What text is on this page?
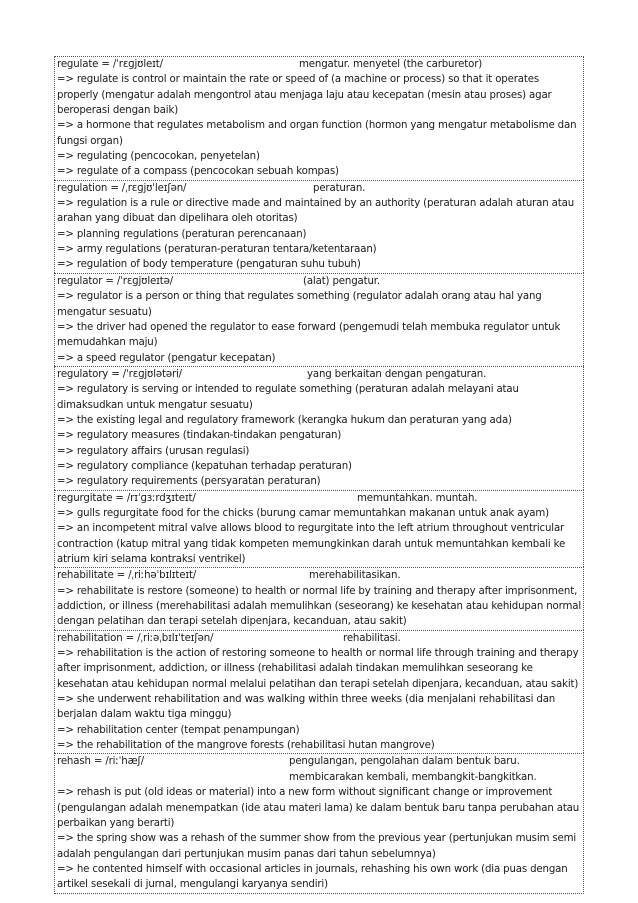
regulate = /ˈrɛɡjʊleɪt/	mengatur. menyetel (the carburetor)
=> regulate is control or maintain the rate or speed of (a machine or process) so that it operates properly (mengatur adalah mengontrol atau menjaga laju atau kecepatan (mesin atau proses) agar beroperasi dengan baik)
=> a hormone that regulates metabolism and organ function (hormon yang mengatur metabolisme dan fungsi organ)
=> regulating (pencocokan, penyetelan)
=> regulate of a compass (pencocokan sebuah kompas)
regulation = /ˌrɛɡjʊˈleɪʃən/	peraturan.
=> regulation is a rule or directive made and maintained by an authority (peraturan adalah aturan atau arahan yang dibuat dan dipelihara oleh otoritas)
=> planning regulations (peraturan perencanaan)
=> army regulations (peraturan-peraturan tentara/ketentaraan)
=> regulation of body temperature (pengaturan suhu tubuh)
regulator = /ˈrɛɡjʊleɪtə/	(alat) pengatur.
=> regulator is a person or thing that regulates something (regulator adalah orang atau hal yang mengatur sesuatu)
=> the driver had opened the regulator to ease forward (pengemudi telah membuka regulator untuk memudahkan maju)
=> a speed regulator (pengatur kecepatan)
regulatory = /ˈrɛɡjʊlətəri/	yang berkaitan dengan pengaturan.
=> regulatory is serving or intended to regulate something (peraturan adalah melayani atau dimaksudkan untuk mengatur sesuatu)
=> the existing legal and regulatory framework (kerangka hukum dan peraturan yang ada)
=> regulatory measures (tindakan-tindakan pengaturan)
=> regulatory affairs (urusan regulasi)
=> regulatory compliance (kepatuhan terhadap peraturan)
=> regulatory requirements (persyaratan peraturan)
regurgitate = /rɪˈɡɜːrdʒɪteɪt/	memuntahkan. muntah.
=> gulls regurgitate food for the chicks (burung camar memuntahkan makanan untuk anak ayam)
=> an incompetent mitral valve allows blood to regurgitate into the left atrium throughout ventricular contraction (katup mitral yang tidak kompeten memungkinkan darah untuk memuntahkan kembali ke atrium kiri selama kontraksi ventrikel)
rehabilitate = /ˌriːhəˈbɪlɪteɪt/	merehabilitasikan.
=> rehabilitate is restore (someone) to health or normal life by training and therapy after imprisonment, addiction, or illness (merehabilitasi adalah memulihkan (seseorang) ke kesehatan atau kehidupan normal dengan pelatihan dan terapi setelah dipenjara, kecanduan, atau sakit)
rehabilitation = /ˌriːəˌbɪlɪˈteɪʃən/	rehabilitasi.
=> rehabilitation is the action of restoring someone to health or normal life through training and therapy after imprisonment, addiction, or illness (rehabilitasi adalah tindakan memulihkan seseorang ke kesehatan atau kehidupan normal melalui pelatihan dan terapi setelah dipenjara, kecanduan, atau sakit)
=> she underwent rehabilitation and was walking within three weeks (dia menjalani rehabilitasi dan berjalan dalam waktu tiga minggu)
=> rehabilitation center (tempat penampungan)
=> the rehabilitation of the mangrove forests (rehabilitasi hutan mangrove)
rehash = /riːˈhæʃ/	pengulangan, pengolahan dalam bentuk baru. membicarakan kembali, membangkit-bangkitkan.
=> rehash is put (old ideas or material) into a new form without significant change or improvement (pengulangan adalah menempatkan (ide atau materi lama) ke dalam bentuk baru tanpa perubahan atau perbaikan yang berarti)
=> the spring show was a rehash of the summer show from the previous year (pertunjukan musim semi adalah pengulangan dari pertunjukan musim panas dari tahun sebelumnya)
=> he contented himself with occasional articles in journals, rehashing his own work (dia puas dengan artikel sesekali di jurnal, mengulangi karyanya sendiri)
